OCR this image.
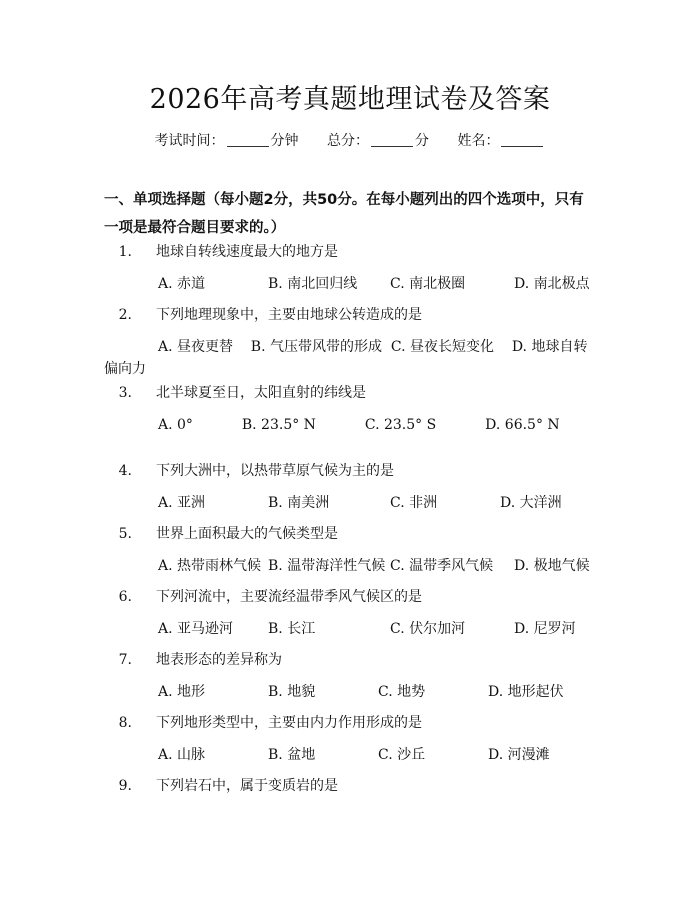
2026年高考真题地理试卷及答案
考试时间：	分钟 总分：	分 姓名：
一、单项选择题（每小题2分，共50分。在每小题列出的四个选项中，只有一项是最符合题目要求的。）
1. 地球自转线速度最大的地方是
A. 赤道	B. 南北回归线 C. 南北极圈	D. 南北极点
2. 下列地理现象中，主要由地球公转造成的是
A. 昼夜更替    B. 气压带风带的形成  C. 昼夜长短变化    D. 地球自转偏向力
3. 北半球夏至日，太阳直射的纬线是
A. 0°           B. 23.5° N           C. 23.5° S           D. 66.5° N
4. 下列大洲中，以热带草原气候为主的是
A. 亚洲	B. 南美洲	C. 非洲	D. 大洋洲
5. 世界上面积最大的气候类型是
A. 热带雨林气候 B. 温带海洋性气候 C. 温带季风气候 D. 极地气候
6. 下列河流中，主要流经温带季风气候区的是
A. 亚马逊河 B. 长江	C. 伏尔加河	D. 尼罗河
7. 地表形态的差异称为
A. 地形	B. 地貌	C. 地势	D. 地形起伏
8. 下列地形类型中，主要由内力作用形成的是
A. 山脉	B. 盆地	C. 沙丘	D. 河漫滩
9. 下列岩石中，属于变质岩的是
